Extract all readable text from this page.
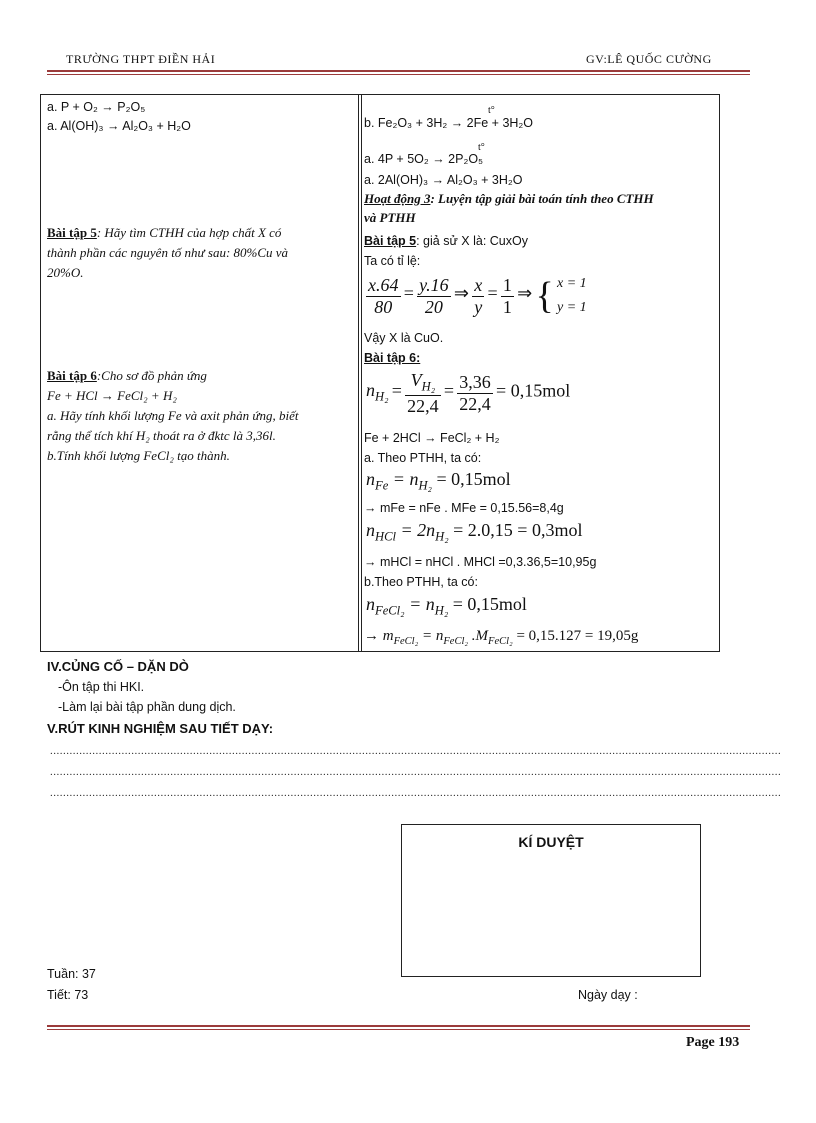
TRƯỜNG THPT ĐIỀN HẢI	GV:LÊ QUỐC CƯỜNG
a. P + O₂ → P₂O₅
a. Al(OH)₃ → Al₂O₃ + H₂O
Bài tập 5: Hãy tìm CTHH của hợp chất X có
thành phần các nguyên tố như sau: 80%Cu và
20%O.
Bài tập 6:Cho sơ đồ phản ứng
Fe + HCl → FeCl₂ + H₂
a. Hãy tính khối lượng Fe và axit phản ứng, biết
rằng thể tích khí H₂ thoát ra ở đktc là 3,36l.
b.Tính khối lượng FeCl₂ tạo thành.
t°
b. Fe₂O₃ + 3H₂ → 2Fe + 3H₂O
t°
a. 4P + 5O₂ → 2P₂O₅
a. 2Al(OH)₃ → Al₂O₃ + 3H₂O
Hoạt động 3: Luyện tập giải bài toán tính theo CTHH
và PTHH
Bài tập 5: giả sử X là: CuxOy
Ta có tỉ lệ:
$\frac{x.64}{80} = \frac{y.16}{20}$ ⇒ $\frac{x}{y} = \frac{1}{1}$ ⇒ { x = 1
y = 1
Vậy X là CuO.
Bài tập 6:
$n_{H_2} = \frac{V_{H_2}}{22,4} = \frac{3,36}{22,4} = 0,15mol$
Fe + 2HCl → FeCl₂ + H₂
a. Theo PTHH, ta có:
$n_{Fe} = n_{H_2} = 0,15mol$
→ mFe = nFe . MFe = 0,15.56=8,4g
$n_{HCl} = 2n_{H_2} = 2.0,15 = 0,3mol$
→ mHCl = nHCl . MHCl =0,3.36,5=10,95g
b.Theo PTHH, ta có:
$n_{FeCl_2} = n_{H_2} = 0,15mol$
→ $m_{FeCl_2} = n_{FeCl_2}$ $.M_{FeCl_2} = 0,15.127 = 19,05g$
IV.CỦNG CỐ – DẶN DÒ
-Ôn tập thi HKI.
-Làm lại bài tập phần dung dịch.
V.RÚT KINH NGHIỆM SAU TIẾT DẠY:
.................................................................................................................................................................................................................................
.................................................................................................................................................................................................................................
.................................................................................................................................................................................................................................
KÍ DUYỆT
Tuần: 37
Tiết: 73	Ngày dạy :
Page 193
